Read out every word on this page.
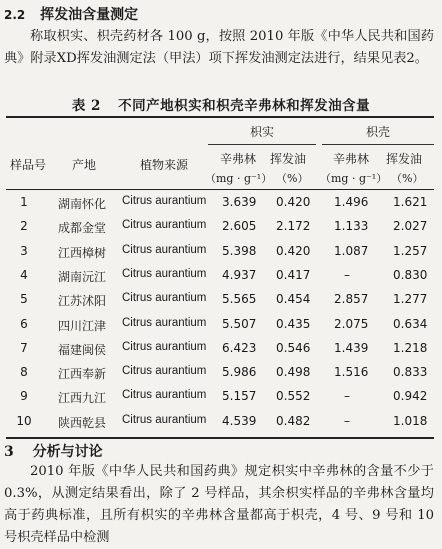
2.2 挥发油含量测定
称取枳实、枳壳药材各 100 g，按照 2010 年版《中华人民共和国药典》附录ⅩD挥发油测定法（甲法）项下挥发油测定法进行，结果见表2。
表 2 不同产地枳实和枳壳辛弗林和挥发油含量
枳实	枳壳
样品号 产地	植物来源	辛弗林 挥发油 辛弗林 挥发油
（mg · g⁻¹） （%） （mg · g⁻¹） （%）
1	湖南怀化 Citrus aurantium 3.639 0.420 1.496 1.621
2	成都金堂 Citrus aurantium 2.605 2.172 1.133 2.027
3	江西樟树 Citrus aurantium 5.398 0.420 1.087 1.257
4	湖南沅江 Citrus aurantium 4.937 0.417	–	0.830
5	江苏沭阳 Citrus aurantium 5.565 0.454 2.857 1.277
6	四川江津 Citrus aurantium 5.507 0.435 2.075 0.634
7	福建闽侯 Citrus aurantium 6.423 0.546 1.439 1.218
8	江西奉新 Citrus aurantium 5.986 0.498 1.516 0.833
9	江西九江 Citrus aurantium 5.157 0.552	–	0.942
10 陕西乾县 Citrus aurantium 4.539 0.482	–	1.018
3 分析与讨论
2010 年版《中华人民共和国药典》规定枳实中辛弗林的含量不少于 0.3%，从测定结果看出，除了 2 号样品，其余枳实样品的辛弗林含量均高于药典标准，且所有枳实的辛弗林含量都高于枳壳，4 号、9 号和 10 号枳壳样品中检测
